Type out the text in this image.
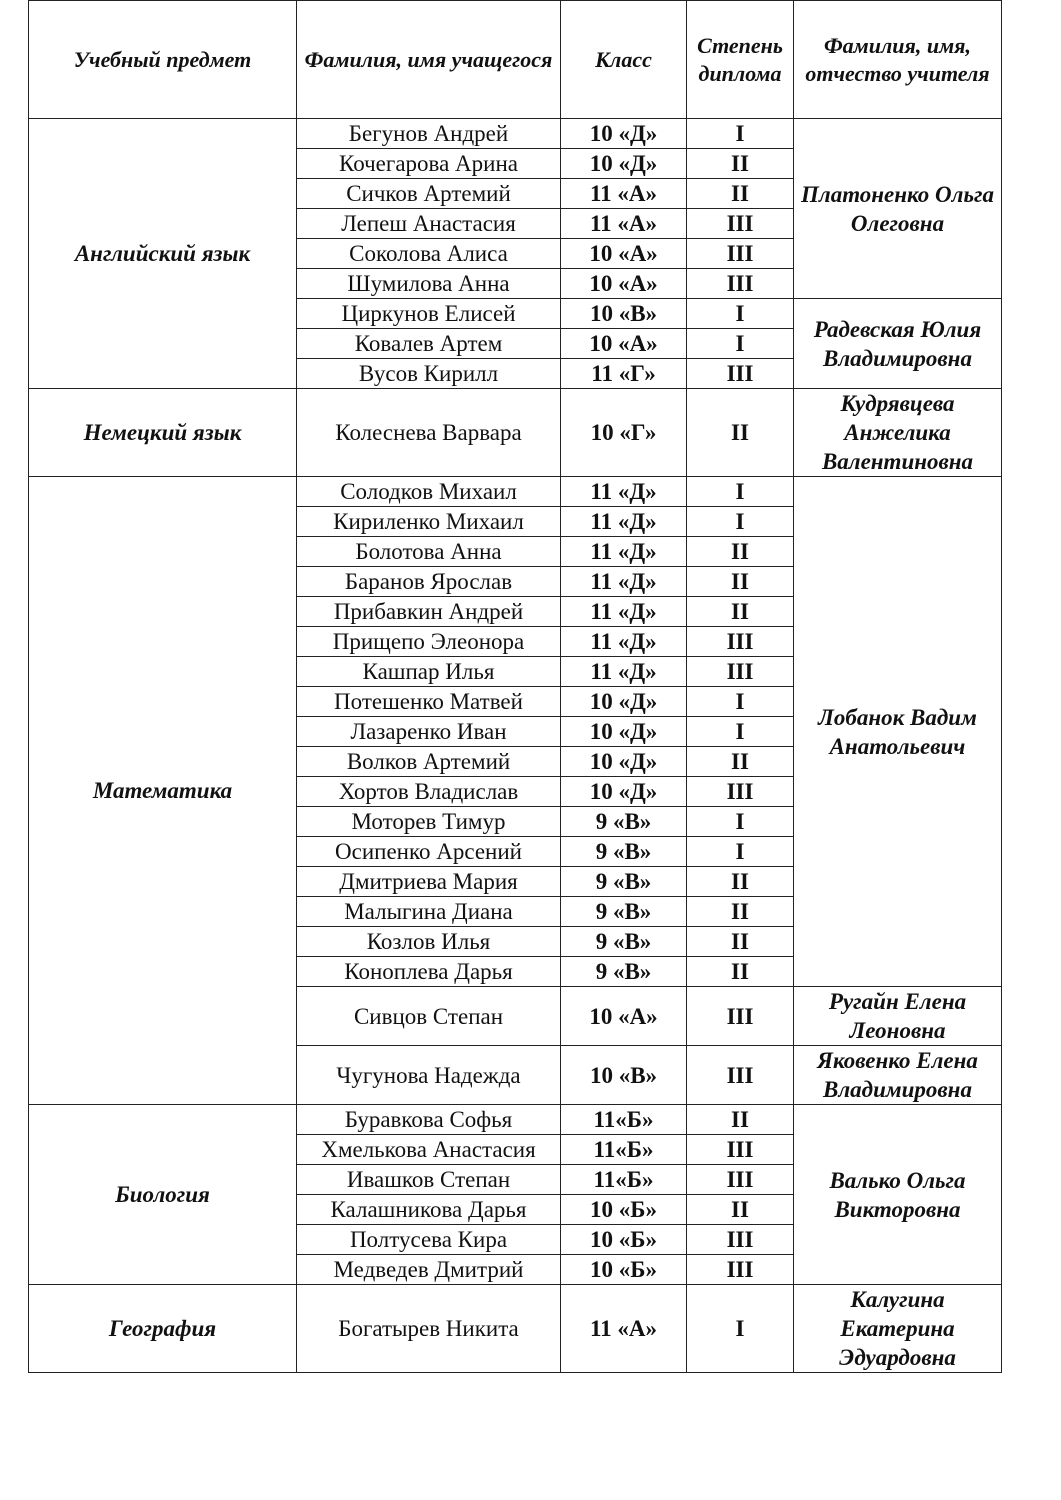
Учебный предмет	Фамилия, имя учащегося	Класс	Степень диплома	Фамилия, имя, отчество учителя
Английский язык	Бегунов Андрей	10 «Д»	I	Платоненко Ольга Олеговна
	Кочегарова Арина	10 «Д»	II	
	Сичков Артемий	11 «А»	II	
	Лепеш Анастасия	11 «А»	III	
	Соколова Алиса	10 «А»	III	
	Шумилова Анна	10 «А»	III	
	Циркунов Елисей	10 «В»	I	Радевская Юлия Владимировна
	Ковалев Артем	10 «А»	I	
	Вусов Кирилл	11 «Г»	III	
Немецкий язык	Колеснева Варвара	10 «Г»	II	Кудрявцева Анжелика Валентиновна
Математика	Солодков Михаил	11 «Д»	I	Лобанок Вадим Анатольевич
	Кириленко Михаил	11 «Д»	I	
	Болотова Анна	11 «Д»	II	
	Баранов Ярослав	11 «Д»	II	
	Прибавкин Андрей	11 «Д»	II	
	Прищепо Элеонора	11 «Д»	III	
	Кашпар Илья	11 «Д»	III	
	Потешенко Матвей	10 «Д»	I	
	Лазаренко Иван	10 «Д»	I	
	Волков Артемий	10 «Д»	II	
	Хортов Владислав	10 «Д»	III	
	Моторев Тимур	9 «В»	I	
	Осипенко Арсений	9 «В»	I	
	Дмитриева Мария	9 «В»	II	
	Малыгина Диана	9 «В»	II	
	Козлов Илья	9 «В»	II	
	Коноплева Дарья	9 «В»	II	
	Сивцов Степан	10 «А»	III	Ругайн Елена Леоновна
	Чугунова Надежда	10 «В»	III	Яковенко Елена Владимировна
Биология	Буравкова Софья	11«Б»	II	Валько Ольга Викторовна
	Хмелькова Анастасия	11«Б»	III	
	Ивашков Степан	11«Б»	III	
	Калашникова Дарья	10 «Б»	II	
	Полтусева Кира	10 «Б»	III	
	Медведев Дмитрий	10 «Б»	III	
География	Богатырев Никита	11 «А»	I	Калугина Екатерина Эдуардовна
